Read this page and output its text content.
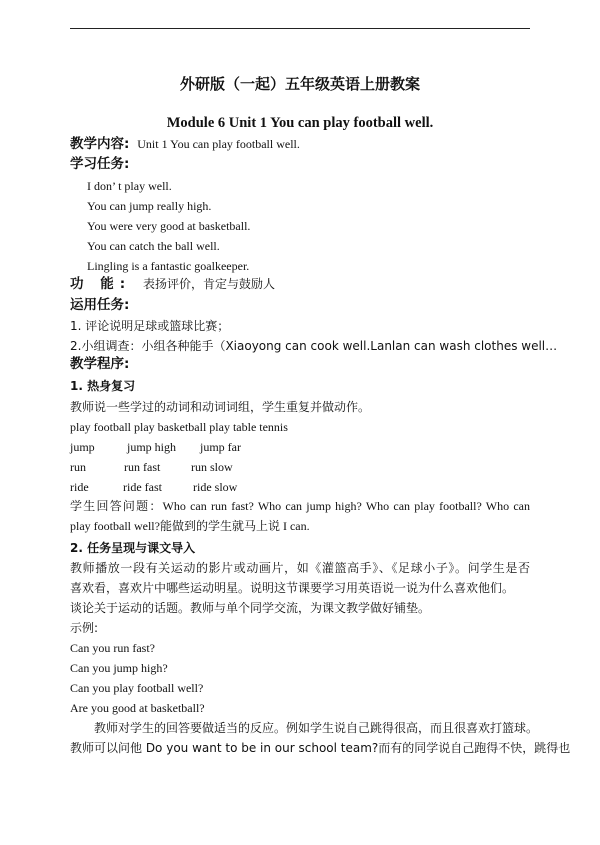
外研版（一起）五年级英语上册教案
Module 6 Unit 1 You can play football well.
教学内容: Unit 1 You can play football well.
学习任务:
I don’ t play well.
You can jump really high.
You were very good at basketball.
You can catch the ball well.
Lingling is a fantastic goalkeeper.
功 能: 表扬评价，肯定与鼓励人
运用任务:
1. 评论说明足球或篮球比赛；
2.小组调查：小组各种能手（Xiaoyong can cook well.Lanlan can wash clothes well…
教学程序:
1. 热身复习
教师说一些学过的动词和动词词组，学生重复并做动作。
play football play basketball play table tennis
jump	jump high jump far
run	run fast	run slow
ride	ride fast	ride slow
学生回答问题：Who can run fast? Who can jump high? Who can play football? Who can
play football well?能做到的学生就马上说 I can.
2. 任务呈现与课文导入
教师播放一段有关运动的影片或动画片，如《灌篮高手》、《足球小子》。问学生是否
喜欢看，喜欢片中哪些运动明星。说明这节课要学习用英语说一说为什么喜欢他们。
谈论关于运动的话题。教师与单个同学交流，为课文教学做好铺垫。
示例:
Can you run fast?
Can you jump high?
Can you play football well?
Are you good at basketball?
教师对学生的回答要做适当的反应。例如学生说自己跳得很高，而且很喜欢打篮球。
教师可以问他 Do you want to be in our school team?而有的同学说自己跑得不快，跳得也
